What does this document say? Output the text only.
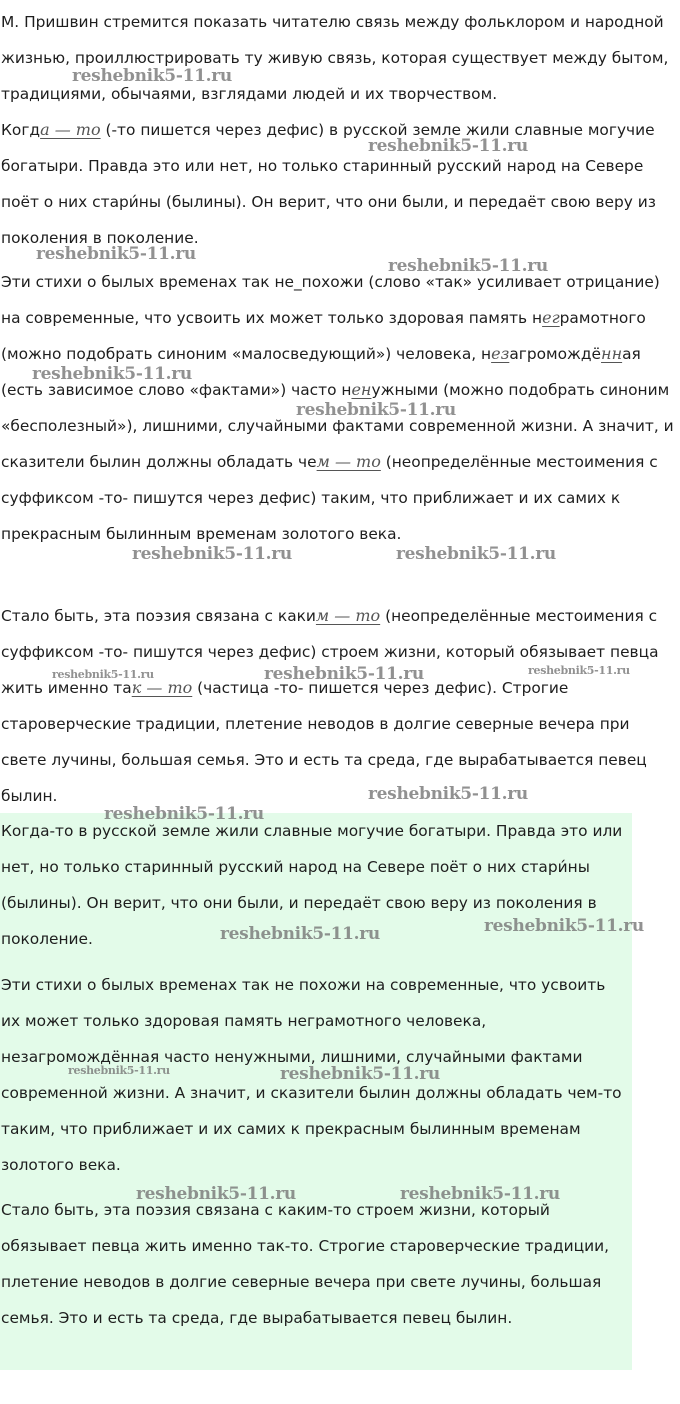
М. Пришвин стремится показать читателю связь между фольклором и народной жизнью, проиллюстрировать ту живую связь, которая существует между бытом, традициями, обычаями, взглядами людей и их творчеством.

Когда — то (-то пишется через дефис) в русской земле жили славные могучие богатыри. Правда это или нет, но только старинный русский народ на Севере поёт о них стари́ны (былины). Он верит, что они были, и передаёт свою веру из поколения в поколение.

Эти стихи о былых временах так не_похожи (слово «так» усиливает отрицание) на современные, что усвоить их может только здоровая память неграмотного (можно подобрать синоним «малосведующий») человека, незагромождённая (есть зависимое слово «фактами») часто ненужными (можно подобрать синоним «бесполезный»), лишними, случайными фактами современной жизни. А значит, и сказители былин должны обладать чем — то (неопределённые местоимения с суффиксом -то- пишутся через дефис) таким, что приближает и их самих к прекрасным былинным временам золотого века.

Стало быть, эта поэзия связана с каким — то (неопределённые местоимения с суффиксом -то- пишутся через дефис) строем жизни, который обязывает певца жить именно так — то (частица -то- пишется через дефис). Строгие староверческие традиции, плетение неводов в долгие северные вечера при свете лучины, большая семья. Это и есть та среда, где вырабатывается певец былин.

Когда-то в русской земле жили славные могучие богатыри. Правда это или нет, но только старинный русский народ на Севере поёт о них стари́ны (былины). Он верит, что они были, и передаёт свою веру из поколения в поколение.

Эти стихи о былых временах так не похожи на современные, что усвоить их может только здоровая память неграмотного человека, незагромождённая часто ненужными, лишними, случайными фактами современной жизни. А значит, и сказители былин должны обладать чем-то таким, что приближает и их самих к прекрасным былинным временам золотого века.

Стало быть, эта поэзия связана с каким-то строем жизни, который обязывает певца жить именно так-то. Строгие староверческие традиции, плетение неводов в долгие северные вечера при свете лучины, большая семья. Это и есть та среда, где вырабатывается певец былин.

reshebnik5-11.ru
reshebnik5-11.ru
reshebnik5-11.ru
reshebnik5-11.ru
reshebnik5-11.ru
reshebnik5-11.ru
reshebnik5-11.ru	reshebnik5-11.ru
reshebnik5-11.ru	reshebnik5-11.ru	reshebnik5-11.ru
reshebnik5-11.ru
reshebnik5-11.ru
reshebnik5-11.ru	reshebnik5-11.ru
reshebnik5-11.ru	reshebnik5-11.ru
reshebnik5-11.ru	reshebnik5-11.ru
